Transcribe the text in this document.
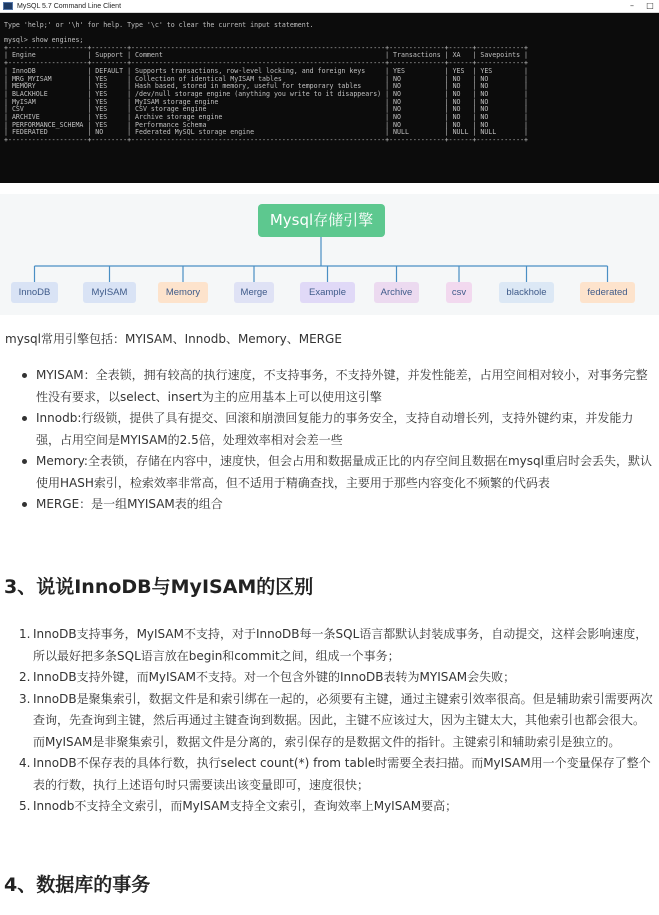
MySQL 5.7 Command Line Client	–	□
Type 'help;' or '\h' for help. Type '\c' to clear the current input statement.
mysql> show engines;
+--------------------+---------+----------------------------------------------------------------+--------------+------+------------+
| Engine             | Support | Comment                                                        | Transactions | XA   | Savepoints |
+--------------------+---------+----------------------------------------------------------------+--------------+------+------------+
| InnoDB             | DEFAULT | Supports transactions, row-level locking, and foreign keys     | YES          | YES  | YES        |
| MRG_MYISAM         | YES     | Collection of identical MyISAM tables                          | NO           | NO   | NO         |
| MEMORY             | YES     | Hash based, stored in memory, useful for temporary tables      | NO           | NO   | NO         |
| BLACKHOLE          | YES     | /dev/null storage engine (anything you write to it disappears) | NO           | NO   | NO         |
| MyISAM             | YES     | MyISAM storage engine                                          | NO           | NO   | NO         |
| CSV                | YES     | CSV storage engine                                             | NO           | NO   | NO         |
| ARCHIVE            | YES     | Archive storage engine                                         | NO           | NO   | NO         |
| PERFORMANCE_SCHEMA | YES     | Performance Schema                                             | NO           | NO   | NO         |
| FEDERATED          | NO      | Federated MySQL storage engine                                 | NULL         | NULL | NULL       |
+--------------------+---------+----------------------------------------------------------------+--------------+------+------------+
Mysql存储引擎
InnoDB	MyISAM	Memory	Merge	Example	Archive	csv	blackhole	federated
mysql常用引擎包括：MYISAM、Innodb、Memory、MERGE
MYISAM：全表锁，拥有较高的执行速度，不支持事务，不支持外键，并发性能差，占用空间相对较小，对事务完整性没有要求，以select、insert为主的应用基本上可以使用这引擎
Innodb:行级锁，提供了具有提交、回滚和崩溃回复能力的事务安全，支持自动增长列，支持外键约束，并发能力强，占用空间是MYISAM的2.5倍，处理效率相对会差一些
Memory:全表锁，存储在内容中，速度快，但会占用和数据量成正比的内存空间且数据在mysql重启时会丢失，默认使用HASH索引，检索效率非常高，但不适用于精确查找，主要用于那些内容变化不频繁的代码表
MERGE：是一组MYISAM表的组合
3、说说InnoDB与MyISAM的区别
1. InnoDB支持事务，MyISAM不支持，对于InnoDB每一条SQL语言都默认封装成事务，自动提交，这样会影响速度，所以最好把多条SQL语言放在begin和commit之间，组成一个事务；
2. InnoDB支持外键，而MyISAM不支持。对一个包含外键的InnoDB表转为MYISAM会失败；
3. InnoDB是聚集索引，数据文件是和索引绑在一起的，必须要有主键，通过主键索引效率很高。但是辅助索引需要两次查询，先查询到主键，然后再通过主键查询到数据。因此，主键不应该过大，因为主键太大，其他索引也都会很大。而MyISAM是非聚集索引，数据文件是分离的，索引保存的是数据文件的指针。主键索引和辅助索引是独立的。
4. InnoDB不保存表的具体行数，执行select count(*) from table时需要全表扫描。而MyISAM用一个变量保存了整个表的行数，执行上述语句时只需要读出该变量即可，速度很快；
5. Innodb不支持全文索引，而MyISAM支持全文索引，查询效率上MyISAM要高；
4、数据库的事务
